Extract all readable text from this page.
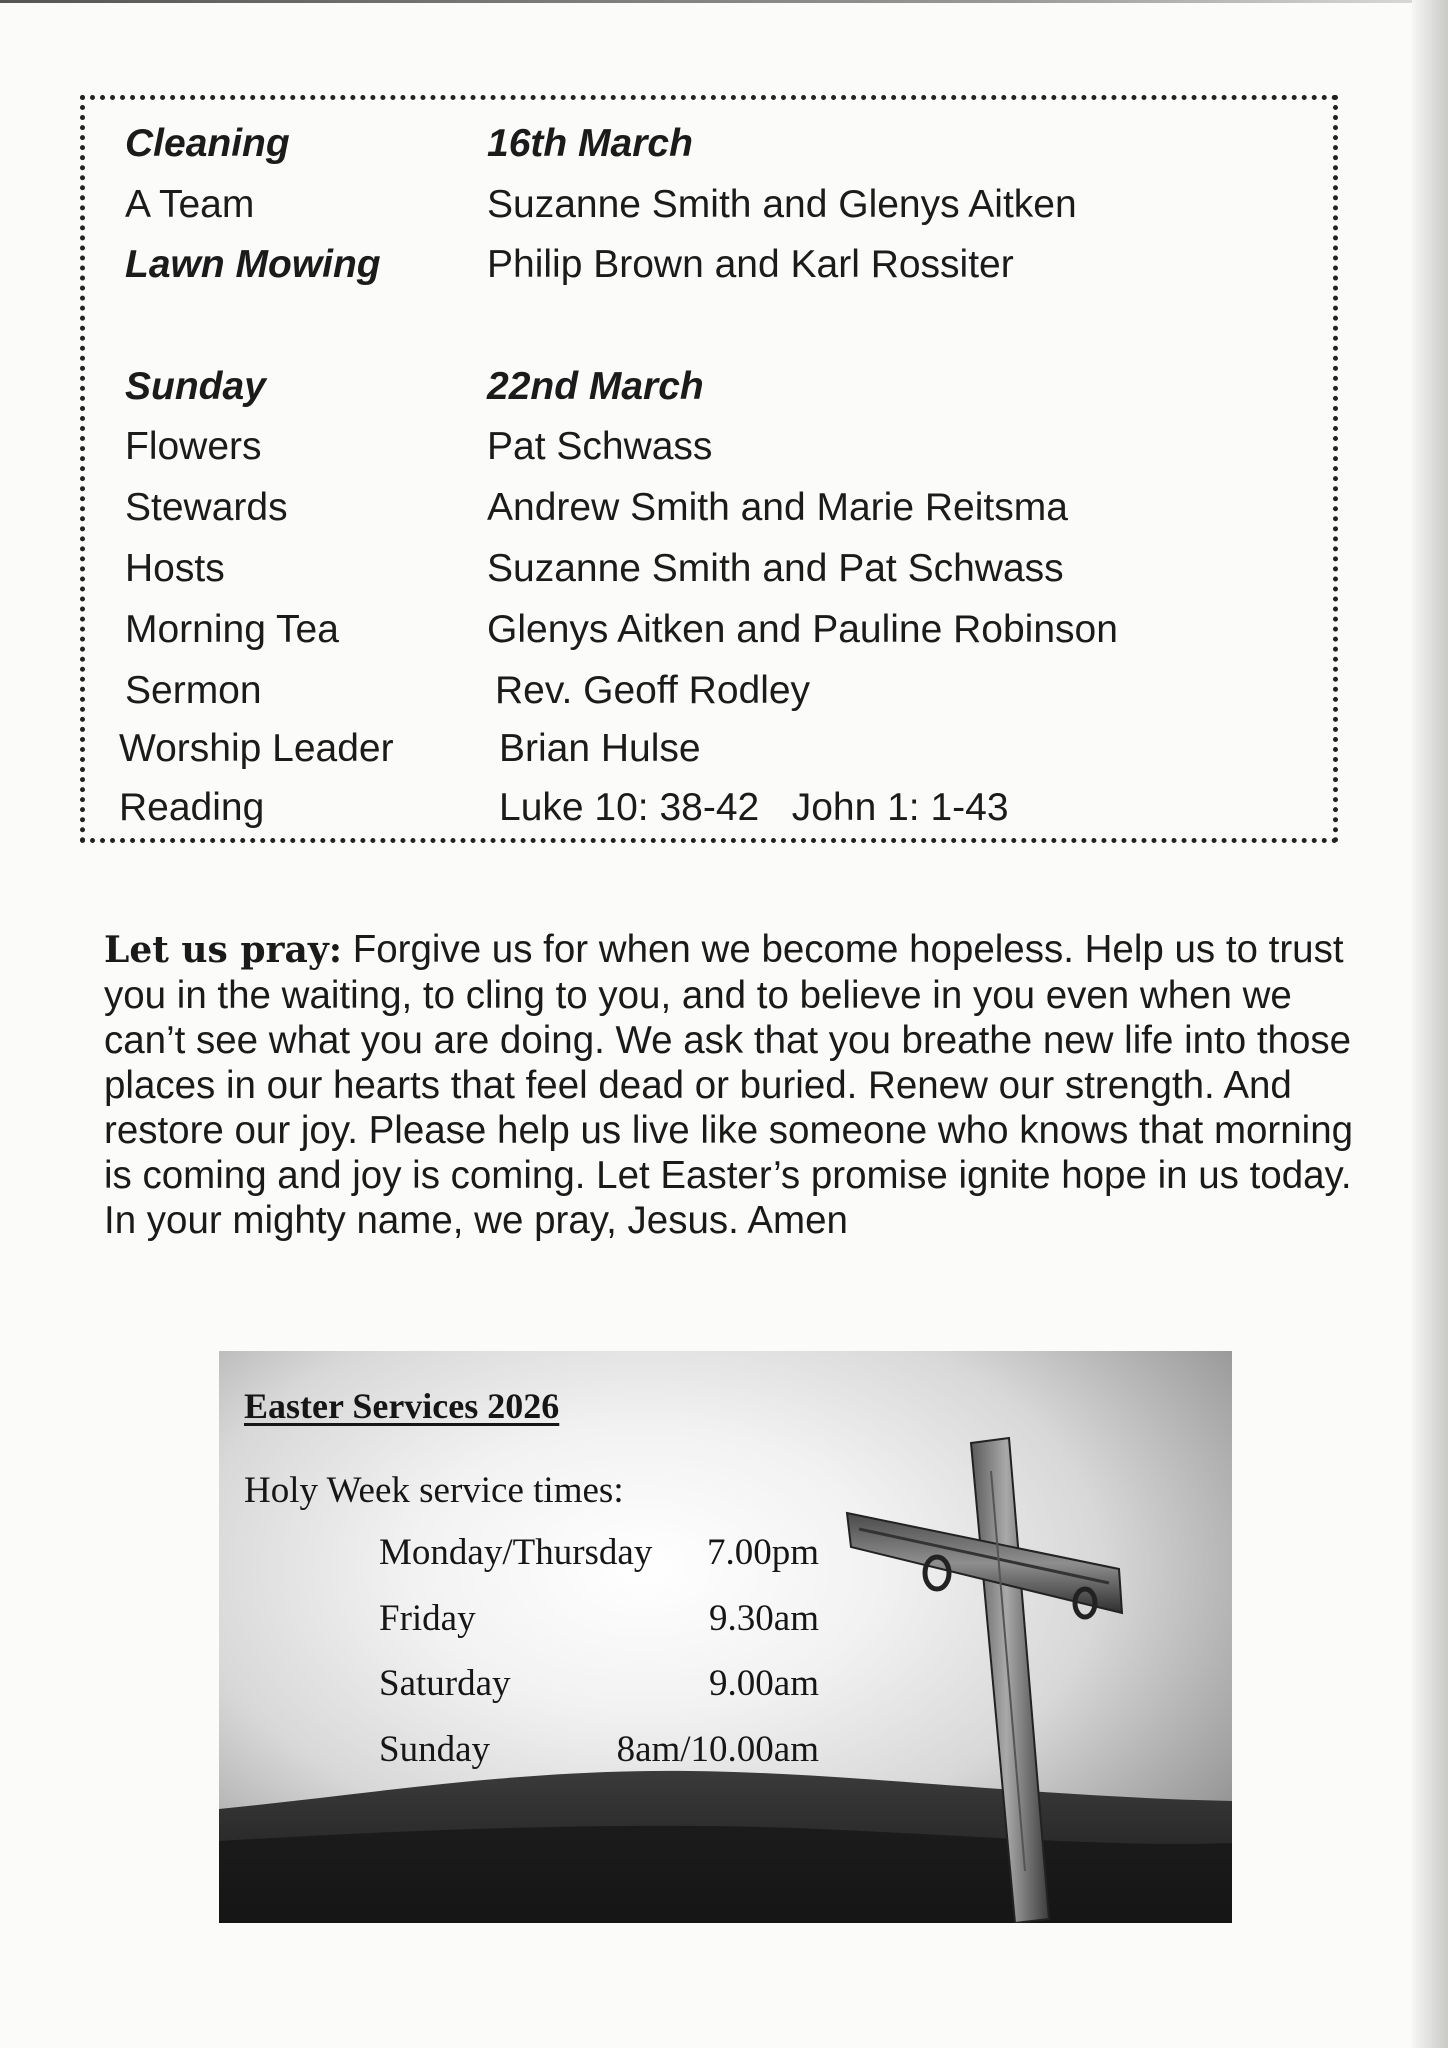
Cleaning	16th March
A Team	Suzanne Smith and Glenys Aitken
Lawn Mowing	Philip Brown and Karl Rossiter
Sunday	22nd March
Flowers	Pat Schwass
Stewards	Andrew Smith and Marie Reitsma
Hosts	Suzanne Smith and Pat Schwass
Morning Tea	Glenys Aitken and Pauline Robinson
Sermon	Rev. Geoff Rodley
Worship Leader	Brian Hulse
Reading	Luke 10: 38-42   John 1: 1-43

Let us pray: Forgive us for when we become hopeless. Help us to trust you in the waiting, to cling to you, and to believe in you even when we can’t see what you are doing. We ask that you breathe new life into those places in our hearts that feel dead or buried. Renew our strength. And restore our joy. Please help us live like someone who knows that morning is coming and joy is coming. Let Easter’s promise ignite hope in us today. In your mighty name, we pray, Jesus. Amen

Easter Services 2026
Holy Week service times:
Monday/Thursday 7.00pm
Friday	9.30am
Saturday	9.00am
Sunday	8am/10.00am
